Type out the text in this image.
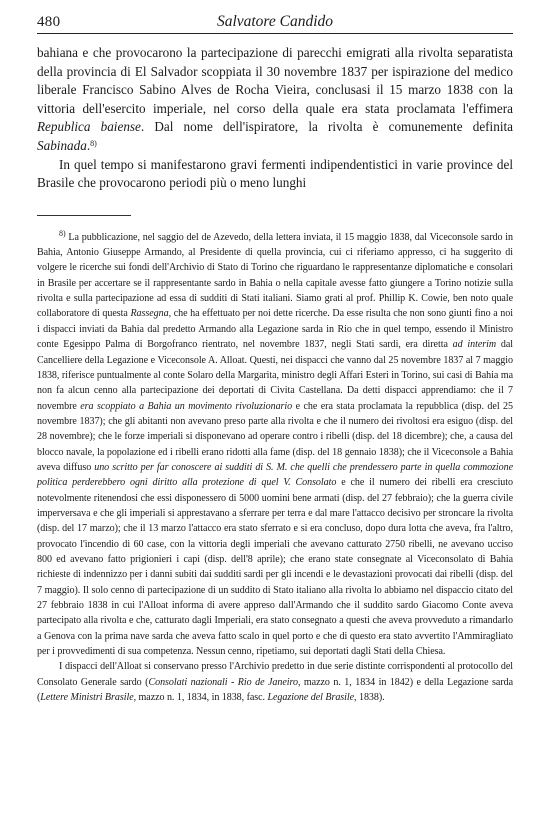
480	Salvatore Candido

bahiana e che provocarono la partecipazione di parecchi emigrati alla rivolta separatista della provincia di El Salvador scoppiata il 30 novembre 1837 per ispirazione del medico liberale Francisco Sabino Alves de Rocha Vieira, conclusasi il 15 marzo 1838 con la vittoria dell'esercito imperiale, nel corso della quale era stata proclamata l'effimera Republica baiense. Dal nome dell'ispiratore, la rivolta è comunemente definita Sabinada.$^{8)}$

In quel tempo si manifestarono gravi fermenti indipendentistici in varie province del Brasile che provocarono periodi più o meno lunghi

$^{8)}$ La pubblicazione, nel saggio del de Azevedo, della lettera inviata, il 15 maggio 1838, dal Viceconsole sardo in Bahia, Antonio Giuseppe Armando, al Presidente di quella provincia, cui ci riferiamo appresso, ci ha suggerito di volgere le ricerche sui fondi dell'Archivio di Stato di Torino che riguardano le rappresentanze diplomatiche e consolari in Brasile per accertare se il rappresentante sardo in Bahia o nella capitale avesse fatto giungere a Torino notizie sulla rivolta e sulla partecipazione ad essa di sudditi di Stati italiani. Siamo grati al prof. Phillip K. Cowie, ben noto quale collaboratore di questa Rassegna, che ha effettuato per noi dette ricerche. Da esse risulta che non sono giunti fino a noi i dispacci inviati da Bahia dal predetto Armando alla Legazione sarda in Rio che in quel tempo, essendo il Ministro conte Egesippo Palma di Borgofranco rientrato, nel novembre 1837, negli Stati sardi, era diretta ad interim dal Cancelliere della Legazione e Viceconsole A. Alloat. Questi, nei dispacci che vanno dal 25 novembre 1837 al 7 maggio 1838, riferisce puntualmente al conte Solaro della Margarita, ministro degli Affari Esteri in Torino, sui casi di Bahia ma non fa alcun cenno alla partecipazione dei deportati di Civita Castellana. Da detti dispacci apprendiamo: che il 7 novembre era scoppiato a Bahia un movimento rivoluzionario e che era stata proclamata la repubblica (disp. del 25 novembre 1837); che gli abitanti non avevano preso parte alla rivolta e che il numero dei rivoltosi era esiguo (disp. del 28 novembre); che le forze imperiali si disponevano ad operare contro i ribelli (disp. del 18 dicembre); che, a causa del blocco navale, la popolazione ed i ribelli erano ridotti alla fame (disp. del 18 gennaio 1838); che il Viceconsole a Bahia aveva diffuso uno scritto per far conoscere ai sudditi di S. M. che quelli che prendessero parte in quella commozione politica perderebbero ogni diritto alla protezione di quel V. Consolato e che il numero dei ribelli era cresciuto notevolmente ritenendosi che essi disponessero di 5000 uomini bene armati (disp. del 27 febbraio); che la guerra civile imperversava e che gli imperiali si apprestavano a sferrare per terra e dal mare l'attacco decisivo per stroncare la rivolta (disp. del 17 marzo); che il 13 marzo l'attacco era stato sferrato e si era concluso, dopo dura lotta che aveva, fra l'altro, provocato l'incendio di 60 case, con la vittoria degli imperiali che avevano catturato 2750 ribelli, ne avevano ucciso 800 ed avevano fatto prigionieri i capi (disp. dell'8 aprile); che erano state consegnate al Viceconsolato di Bahia richieste di indennizzo per i danni subiti dai sudditi sardi per gli incendi e le devastazioni provocati dai ribelli (disp. del 7 maggio). Il solo cenno di partecipazione di un suddito di Stato italiano alla rivolta lo abbiamo nel dispaccio citato del 27 febbraio 1838 in cui l'Alloat informa di avere appreso dall'Armando che il suddito sardo Giacomo Conte aveva partecipato alla rivolta e che, catturato dagli Imperiali, era stato consegnato a questi che aveva provveduto a rimandarlo a Genova con la prima nave sarda che aveva fatto scalo in quel porto e che di questo era stato avvertito l'Ammiragliato per i provvedimenti di sua competenza. Nessun cenno, ripetiamo, sui deportati dagli Stati della Chiesa.

I dispacci dell'Alloat si conservano presso l'Archivio predetto in due serie distinte corrispondenti al protocollo del Consolato Generale sardo (Consolati nazionali - Rio de Janeiro, mazzo n. 1, 1834 in 1842) e della Legazione sarda (Lettere Ministri Brasile, mazzo n. 1, 1834, in 1838, fasc. Legazione del Brasile, 1838).
